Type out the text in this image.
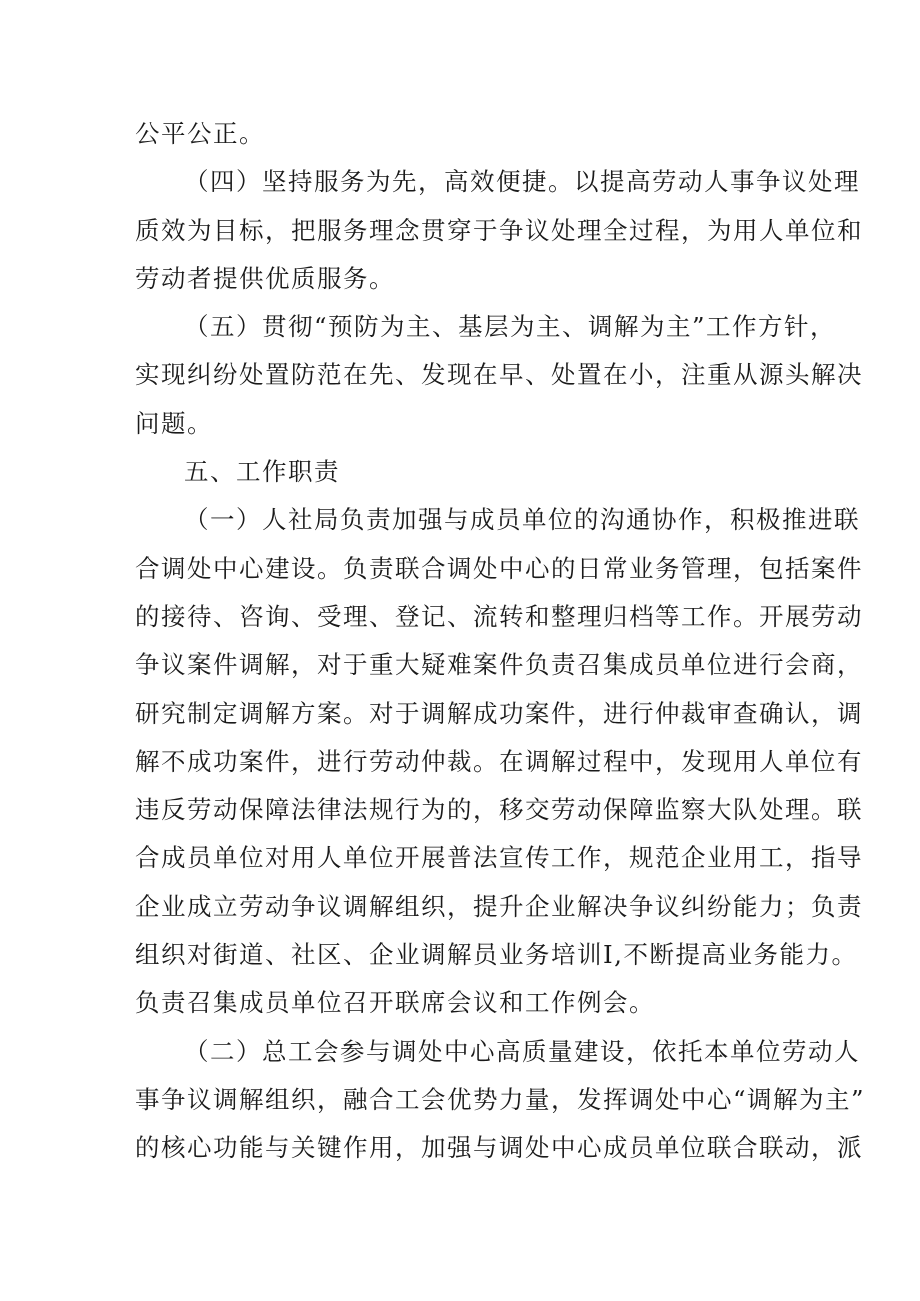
公平公正。

（四）坚持服务为先，高效便捷。以提高劳动人事争议处理
质效为目标，把服务理念贯穿于争议处理全过程，为用人单位和
劳动者提供优质服务。

（五）贯彻“预防为主、基层为主、调解为主”工作方针，
实现纠纷处置防范在先、发现在早、处置在小，注重从源头解决
问题。

五、工作职责

（一）人社局负责加强与成员单位的沟通协作，积极推进联
合调处中心建设。负责联合调处中心的日常业务管理，包括案件
的接待、咨询、受理、登记、流转和整理归档等工作。开展劳动
争议案件调解，对于重大疑难案件负责召集成员单位进行会商，
研究制定调解方案。对于调解成功案件，进行仲裁审查确认，调
解不成功案件，进行劳动仲裁。在调解过程中，发现用人单位有
违反劳动保障法律法规行为的，移交劳动保障监察大队处理。联
合成员单位对用人单位开展普法宣传工作，规范企业用工，指导
企业成立劳动争议调解组织，提升企业解决争议纠纷能力；负责
组织对街道、社区、企业调解员业务培训Ⅰ,不断提高业务能力。
负责召集成员单位召开联席会议和工作例会。

（二）总工会参与调处中心高质量建设，依托本单位劳动人
事争议调解组织，融合工会优势力量，发挥调处中心“调解为主”
的核心功能与关键作用，加强与调处中心成员单位联合联动，派
